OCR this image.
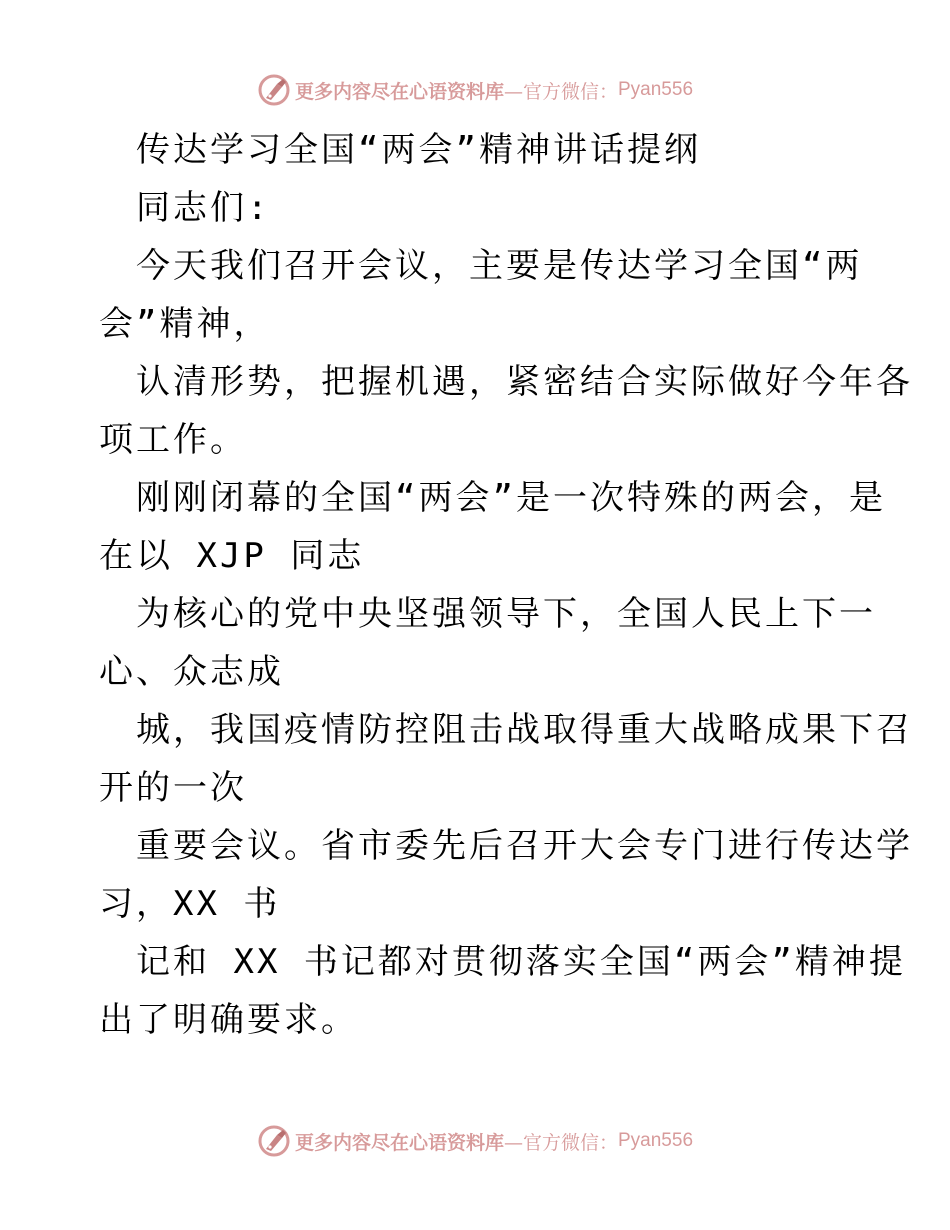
更多内容尽在心语资料库 —官方微信： Pyan556
传达学习全国“两会”精神讲话提纲
同志们:
今天我们召开会议，主要是传达学习全国“两
会”精神，
认清形势，把握机遇，紧密结合实际做好今年各
项工作。
刚刚闭幕的全国“两会”是一次特殊的两会，是
在以 XJP 同志
为核心的党中央坚强领导下，全国人民上下一
心、众志成
城，我国疫情防控阻击战取得重大战略成果下召
开的一次
重要会议。省市委先后召开大会专门进行传达学
习，XX 书
记和 XX 书记都对贯彻落实全国“两会”精神提
出了明确要求。
更多内容尽在心语资料库 —官方微信： Pyan556
